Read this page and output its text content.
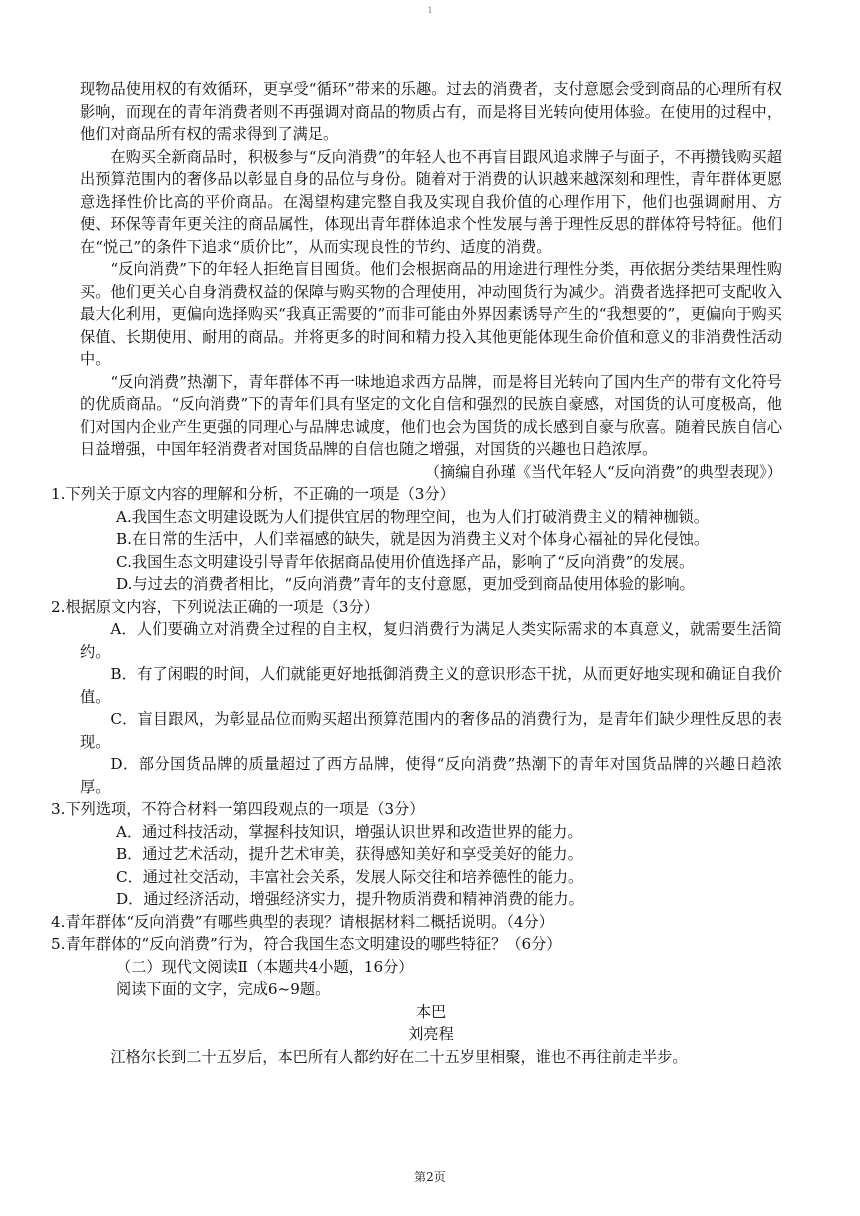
1

现物品使用权的有效循环，更享受“循环”带来的乐趣。过去的消费者，支付意愿会受到商品的心理所有权影响，而现在的青年消费者则不再强调对商品的物质占有，而是将目光转向使用体验。在使用的过程中，他们对商品所有权的需求得到了满足。

在购买全新商品时，积极参与“反向消费”的年轻人也不再盲目跟风追求牌子与面子，不再攒钱购买超出预算范围内的奢侈品以彰显自身的品位与身份。随着对于消费的认识越来越深刻和理性，青年群体更愿意选择性价比高的平价商品。在渴望构建完整自我及实现自我价值的心理作用下，他们也强调耐用、方便、环保等青年更关注的商品属性，体现出青年群体追求个性发展与善于理性反思的群体符号特征。他们在“悦己”的条件下追求“质价比”，从而实现良性的节约、适度的消费。

“反向消费”下的年轻人拒绝盲目囤货。他们会根据商品的用途进行理性分类，再依据分类结果理性购买。他们更关心自身消费权益的保障与购买物的合理使用，冲动囤货行为减少。消费者选择把可支配收入最大化利用，更偏向选择购买“我真正需要的”而非可能由外界因素诱导产生的“我想要的”，更偏向于购买保值、长期使用、耐用的商品。并将更多的时间和精力投入其他更能体现生命价值和意义的非消费性活动中。

“反向消费”热潮下，青年群体不再一味地追求西方品牌，而是将目光转向了国内生产的带有文化符号的优质商品。“反向消费”下的青年们具有坚定的文化自信和强烈的民族自豪感，对国货的认可度极高，他们对国内企业产生更强的同理心与品牌忠诚度，他们也会为国货的成长感到自豪与欣喜。随着民族自信心日益增强，中国年轻消费者对国货品牌的自信也随之增强，对国货的兴趣也日趋浓厚。

（摘编自孙瑾《当代年轻人“反向消费”的典型表现》）

1.下列关于原文内容的理解和分析，不正确的一项是（3分）

A.我国生态文明建设既为人们提供宜居的物理空间，也为人们打破消费主义的精神枷锁。

B.在日常的生活中，人们幸福感的缺失，就是因为消费主义对个体身心福祉的异化侵蚀。

C.我国生态文明建设引导青年依据商品使用价值选择产品，影响了“反向消费”的发展。

D.与过去的消费者相比，“反向消费”青年的支付意愿，更加受到商品使用体验的影响。

2.根据原文内容，下列说法正确的一项是（3分）

A．人们要确立对消费全过程的自主权，复归消费行为满足人类实际需求的本真意义，就需要生活简约。

B．有了闲暇的时间，人们就能更好地抵御消费主义的意识形态干扰，从而更好地实现和确证自我价值。

C．盲目跟风，为彰显品位而购买超出预算范围内的奢侈品的消费行为，是青年们缺少理性反思的表现。

D．部分国货品牌的质量超过了西方品牌，使得“反向消费”热潮下的青年对国货品牌的兴趣日趋浓厚。

3.下列选项，不符合材料一第四段观点的一项是（3分）

A．通过科技活动，掌握科技知识，增强认识世界和改造世界的能力。

B．通过艺术活动，提升艺术审美，获得感知美好和享受美好的能力。

C．通过社交活动，丰富社会关系，发展人际交往和培养德性的能力。

D．通过经济活动，增强经济实力，提升物质消费和精神消费的能力。

4.青年群体“反向消费”有哪些典型的表现？请根据材料二概括说明。（4分）

5.青年群体的“反向消费”行为，符合我国生态文明建设的哪些特征？（6分）

（二）现代文阅读Ⅱ（本题共4小题，16分）

阅读下面的文字，完成6~9题。

本巴

刘亮程

江格尔长到二十五岁后，本巴所有人都约好在二十五岁里相聚，谁也不再往前走半步。

第2页
